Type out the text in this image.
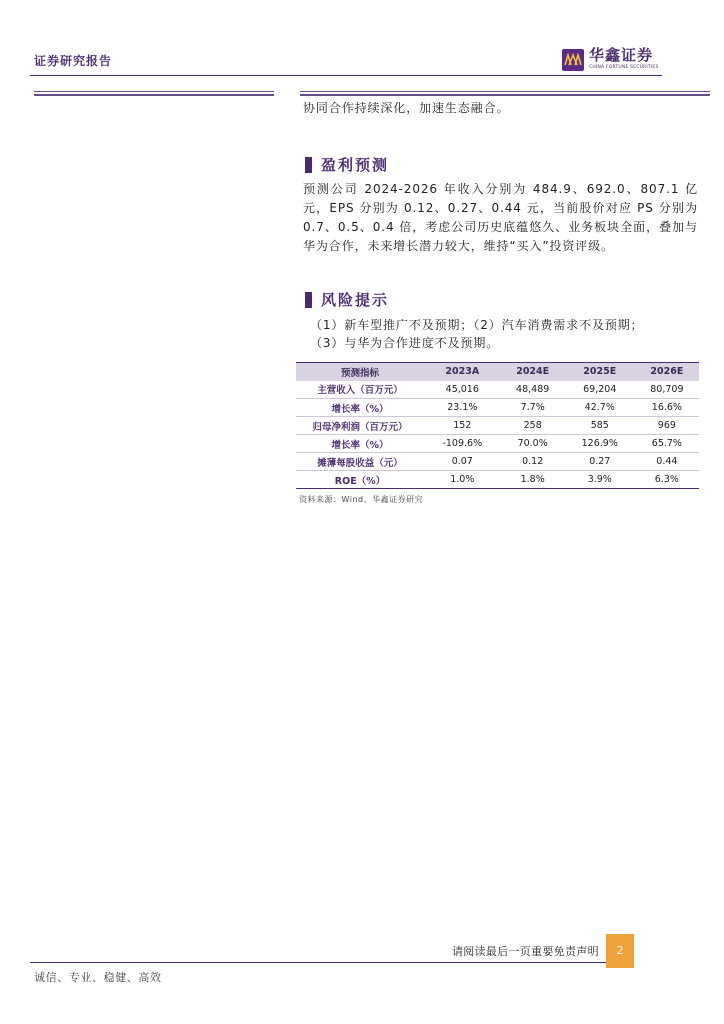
证券研究报告	华鑫证券
CHINA FORTUNE SECURITIES
协同合作持续深化，加速生态融合。
盈利预测
预测公司 2024-2026 年收入分别为 484.9、692.0、807.1 亿元，EPS 分别为 0.12、0.27、0.44 元，当前股价对应 PS 分别为 0.7、0.5、0.4 倍，考虑公司历史底蕴悠久、业务板块全面，叠加与华为合作，未来增长潜力较大，维持“买入”投资评级。
风险提示
（1）新车型推广不及预期；（2）汽车消费需求不及预期；
（3）与华为合作进度不及预期。
预测指标	2023A	2024E	2025E	2026E
主营收入（百万元）	45,016	48,489	69,204	80,709
增长率（%）	23.1%	7.7%	42.7%	16.6%
归母净利润（百万元）	152	258	585	969
增长率（%）	-109.6%	70.0%	126.9%	65.7%
摊薄每股收益（元）	0.07	0.12	0.27	0.44
ROE（%）	1.0%	1.8%	3.9%	6.3%
资料来源：Wind、华鑫证券研究
请阅读最后一页重要免责声明	2
诚信、专业、稳健、高效
